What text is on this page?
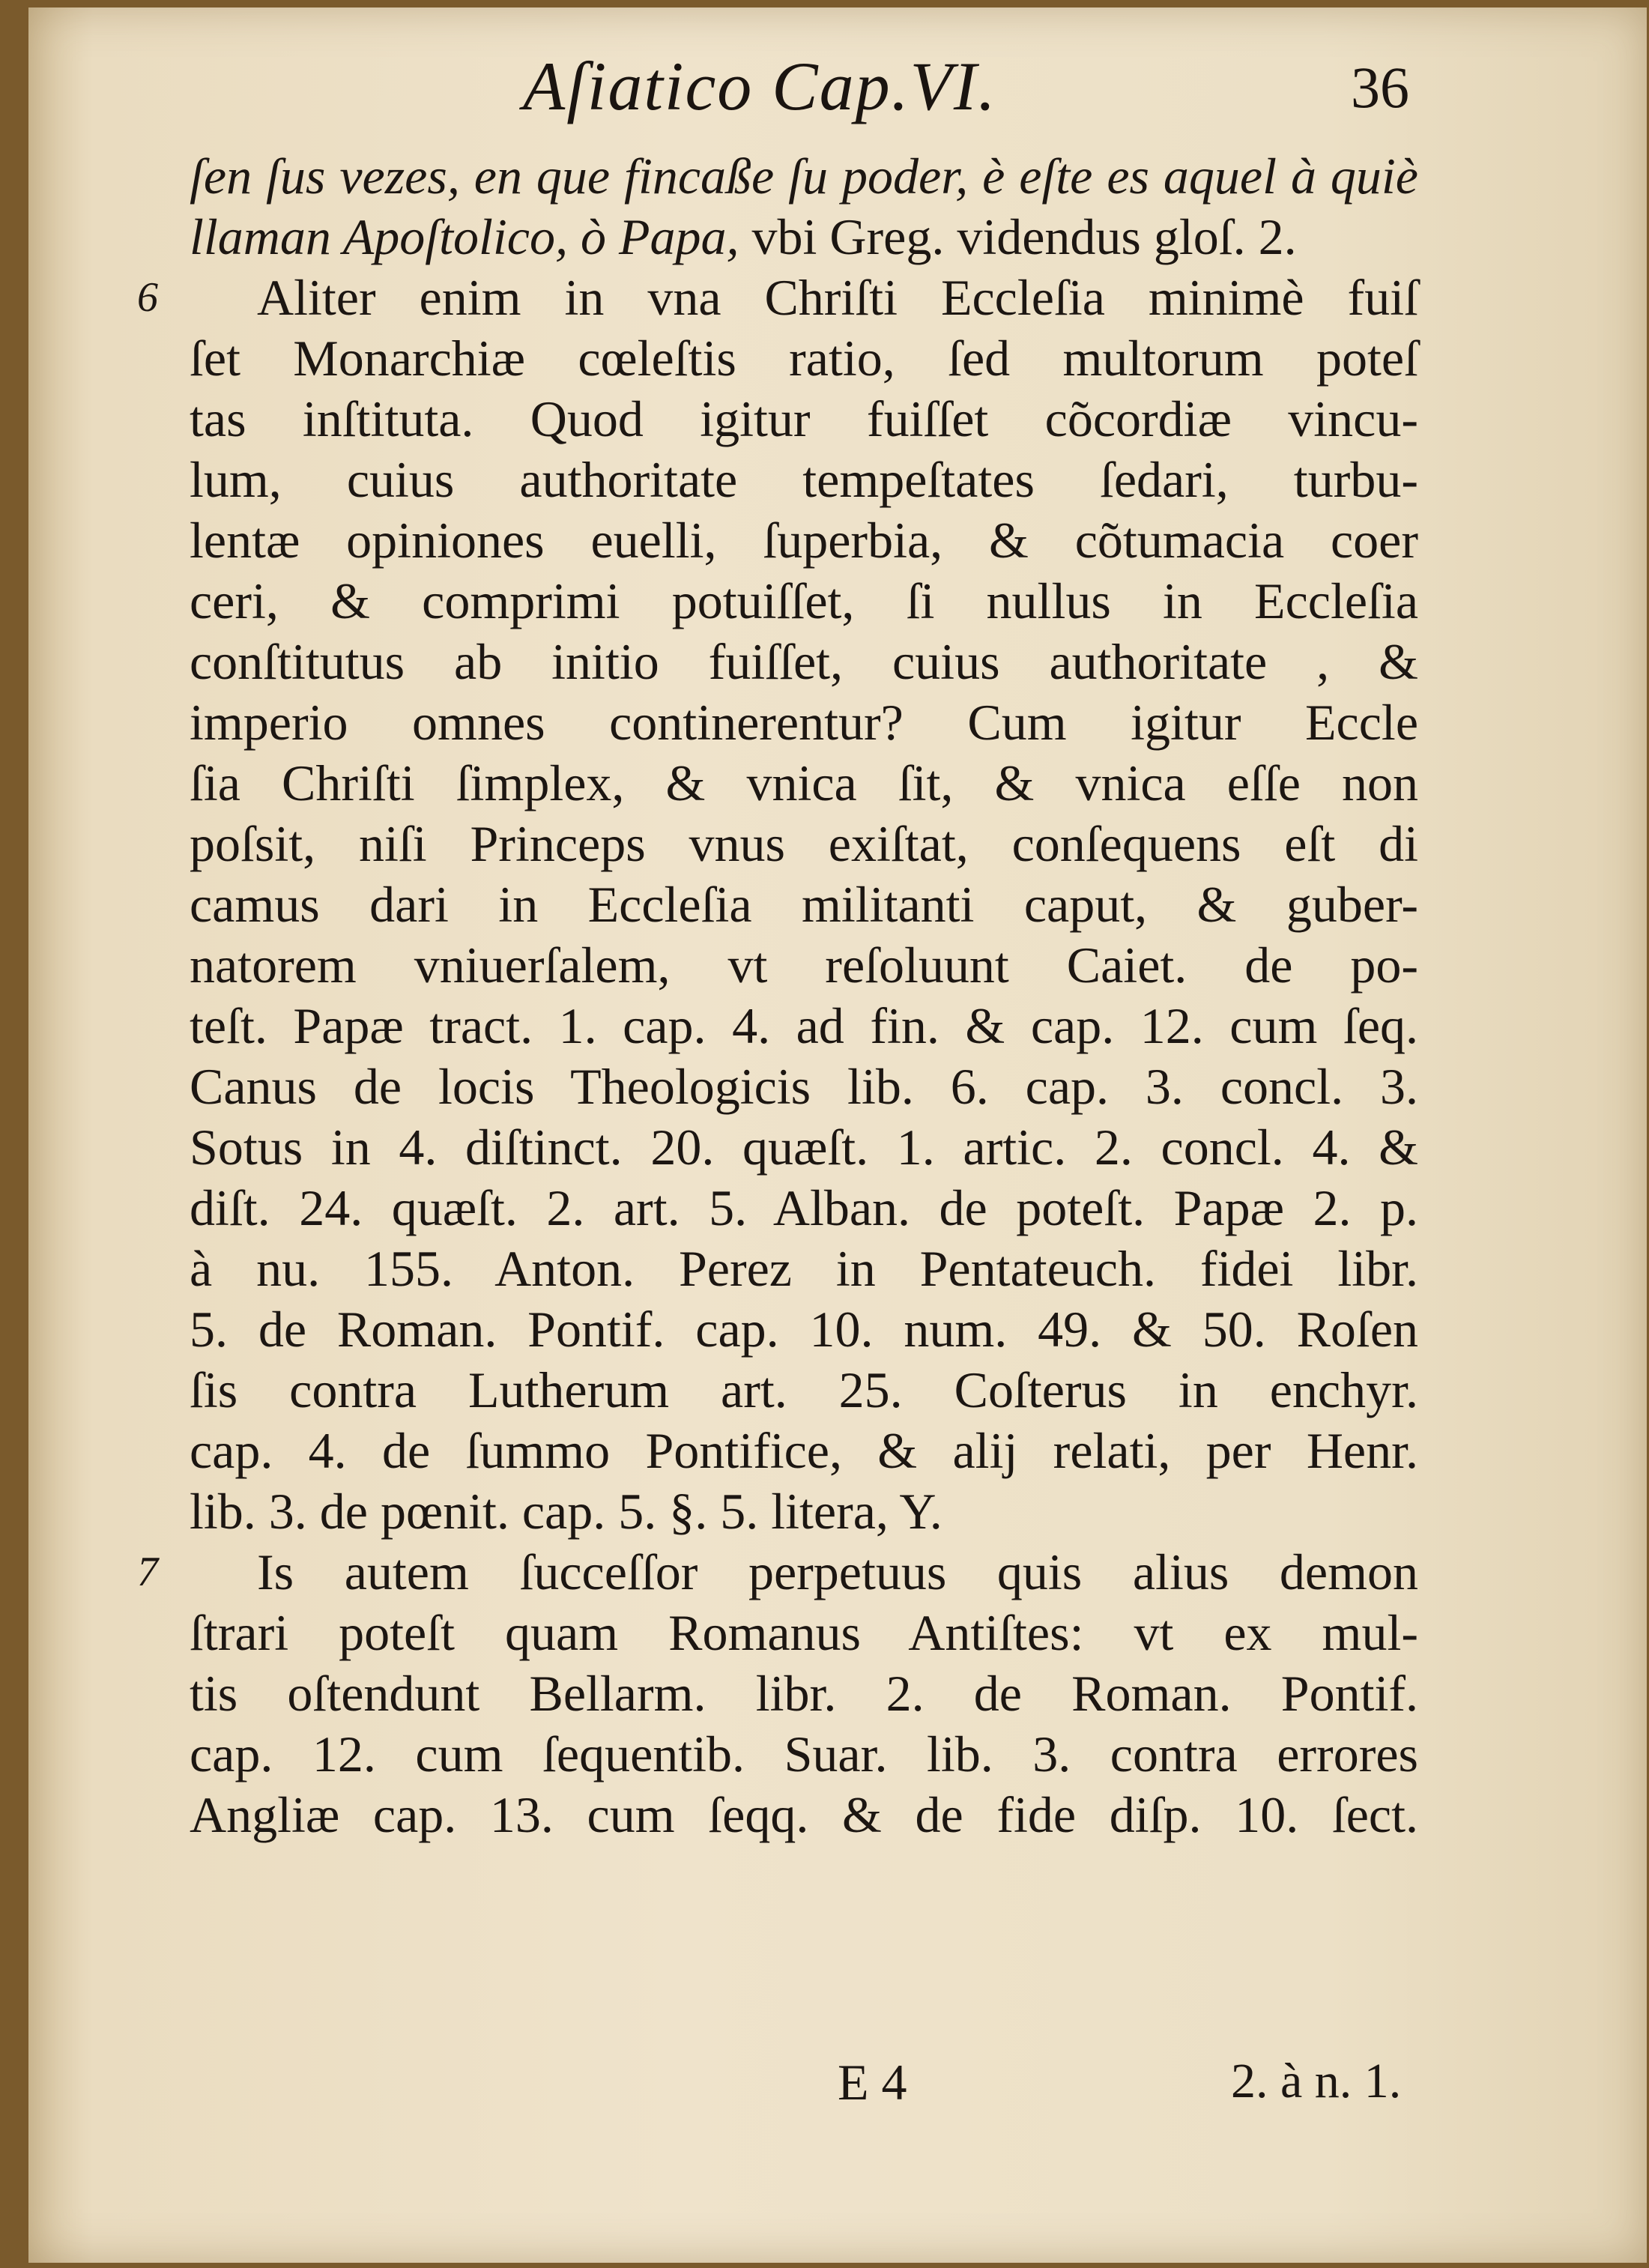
Aſiatico Cap.VI.	36
ſen ſus vezes, en que fincaße ſu poder, è eſte es aquel à quiè
llaman Apoſtolico, ò Papa, vbi Greg. videndus gloſ. 2.
Aliter enim in vna Chriſti Eccleſia minimè fuiſ
6
ſet Monarchiæ cœleſtis ratio, ſed multorum poteſ
tas inſtituta. Quod igitur fuiſſet cõcordiæ vincu-
lum, cuius authoritate tempeſtates ſedari, turbu-
lentæ opiniones euelli, ſuperbia, & cõtumacia coer
ceri, & comprimi potuiſſet, ſi nullus in Eccleſia
conſtitutus ab initio fuiſſet, cuius authoritate , &
imperio omnes continerentur? Cum igitur Eccle
ſia Chriſti ſimplex, & vnica ſit, & vnica eſſe non
poſsit, niſi Princeps vnus exiſtat, conſequens eſt di
camus dari in Eccleſia militanti caput, & guber-
natorem vniuerſalem, vt reſoluunt Caiet. de po-
teſt. Papæ tract. 1. cap. 4. ad fin. & cap. 12. cum ſeq.
Canus de locis Theologicis lib. 6. cap. 3. concl. 3.
Sotus in 4. diſtinct. 20. quæſt. 1. artic. 2. concl. 4. &
diſt. 24. quæſt. 2. art. 5. Alban. de poteſt. Papæ 2. p.
à nu. 155. Anton. Perez in Pentateuch. fidei libr.
5. de Roman. Pontif. cap. 10. num. 49. & 50. Roſen
ſis contra Lutherum art. 25. Coſterus in enchyr.
cap. 4. de ſummo Pontifice, & alij relati, per Henr.
lib. 3. de pœnit. cap. 5. §. 5. litera, Y.
Is autem ſucceſſor perpetuus quis alius demon
7
ſtrari poteſt quam Romanus Antiſtes: vt ex mul-
tis oſtendunt Bellarm. libr. 2. de Roman. Pontif.
cap. 12. cum ſequentib. Suar. lib. 3. contra errores
Angliæ cap. 13. cum ſeqq. & de fide diſp. 10. ſect.
E 4	2. à n. 1.
